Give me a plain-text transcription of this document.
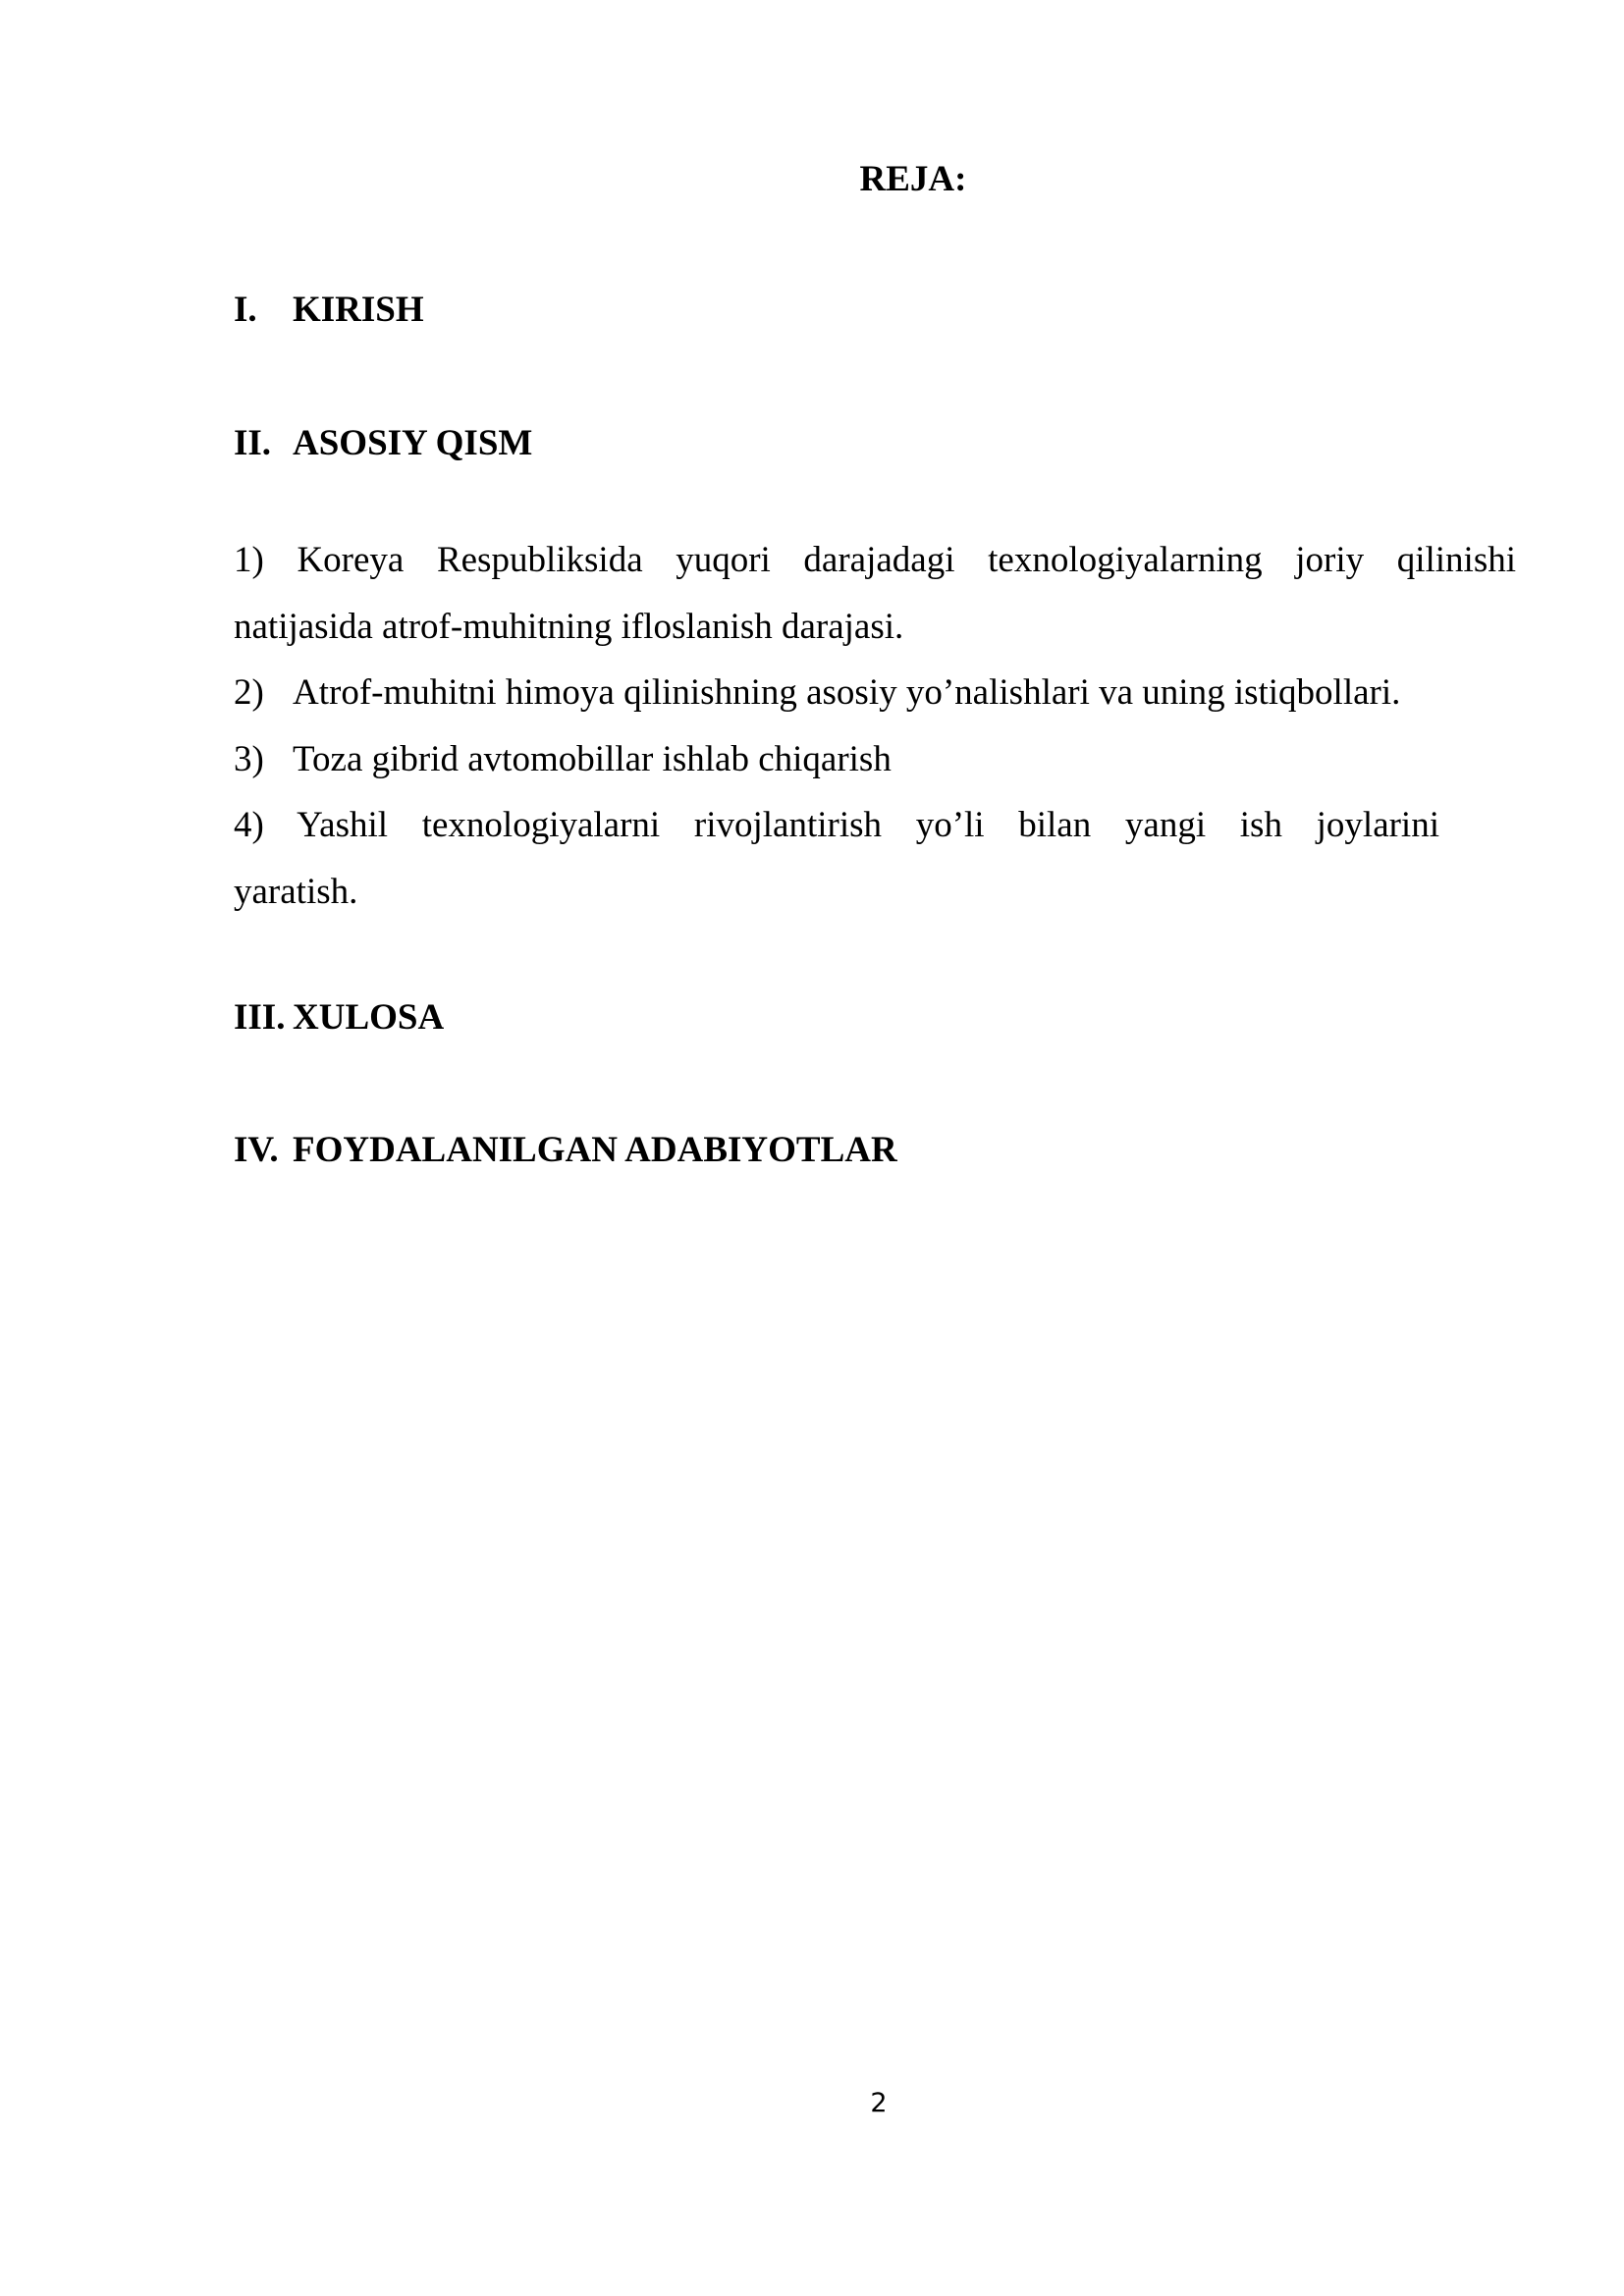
REJA:
I. KIRISH
II. ASOSIY QISM
1) Koreya Respubliksida yuqori darajadagi texnologiyalarning joriy qilinishi
natijasida atrof-muhitning ifloslanish darajasi.
2) Atrof-muhitni himoya qilinishning asosiy yo’nalishlari va uning istiqbollari.
3) Toza gibrid avtomobillar ishlab chiqarish
4) Yashil texnologiyalarni rivojlantirish yo’li bilan yangi ish joylarini
yaratish.
III. XULOSA
IV. FOYDALANILGAN ADABIYOTLAR
2
